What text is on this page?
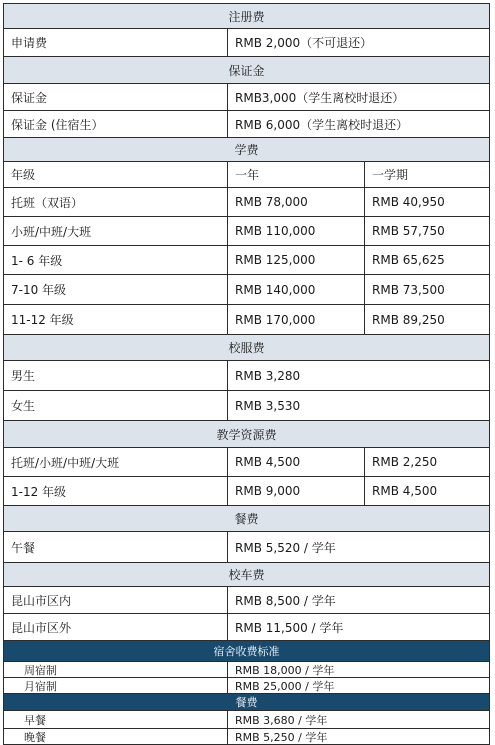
注册费
申请费	RMB 2,000（不可退还）
保证金
保证金	RMB3,000（学生离校时退还）
保证金 (住宿生）	RMB 6,000（学生离校时退还）
学费
年级	一年	一学期
托班（双语）	RMB 78,000	RMB 40,950
小班/中班/大班	RMB 110,000	RMB 57,750
1- 6 年级	RMB 125,000	RMB 65,625
7-10 年级	RMB 140,000	RMB 73,500
11-12 年级	RMB 170,000	RMB 89,250
校服费
男生	RMB 3,280
女生	RMB 3,530
教学资源费
托班/小班/中班/大班	RMB 4,500	RMB 2,250
1-12 年级	RMB 9,000	RMB 4,500
餐费
午餐	RMB 5,520 / 学年
校车费
昆山市区内	RMB 8,500 / 学年
昆山市区外	RMB 11,500 / 学年
宿舍收费标准
周宿制	RMB 18,000 / 学年
月宿制	RMB 25,000 / 学年
餐费
早餐	RMB 3,680 / 学年
晚餐	RMB 5,250 / 学年
